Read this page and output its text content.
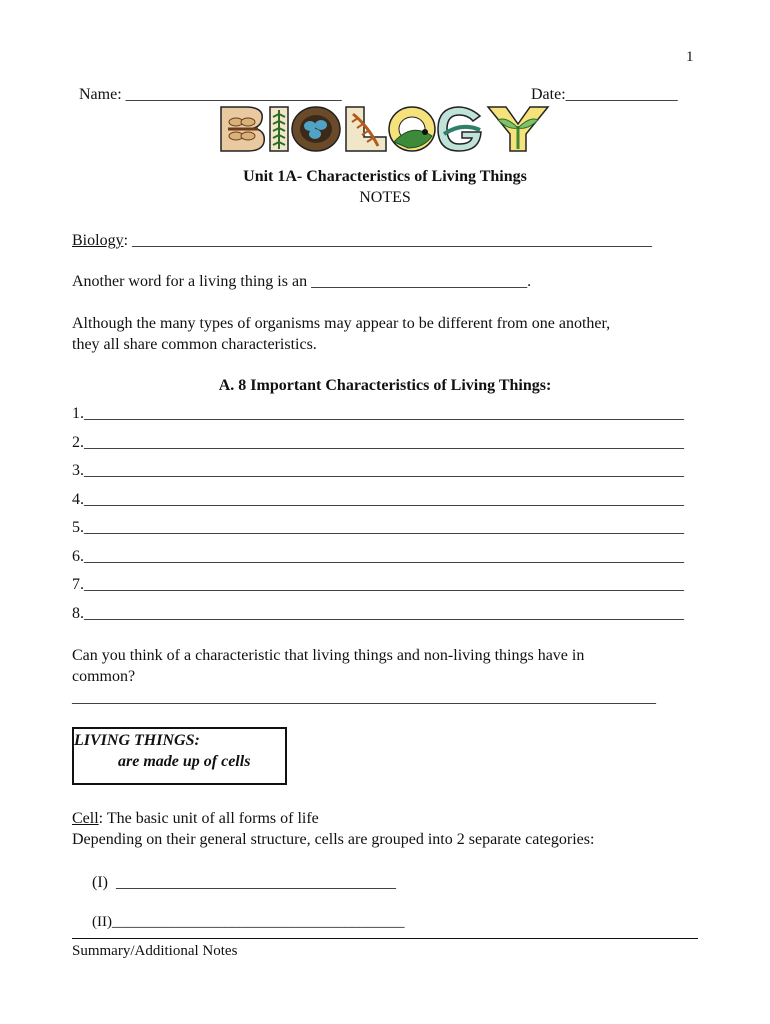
1
Name: ___________________________	Date:______________
Unit 1A- Characteristics of Living Things
NOTES
Biology: _________________________________________________________________
Another word for a living thing is an ___________________________.
Although the many types of organisms may appear to be different from one another,
they all share common characteristics.
A. 8 Important Characteristics of Living Things:
1.___________________________________________________________________________
2.___________________________________________________________________________
3.___________________________________________________________________________
4.___________________________________________________________________________
5.___________________________________________________________________________
6.___________________________________________________________________________
7.___________________________________________________________________________
8.___________________________________________________________________________
Can you think of a characteristic that living things and non-living things have in
common?
_________________________________________________________________________
LIVING THINGS:
are made up of cells
Cell: The basic unit of all forms of life
Depending on their general structure, cells are grouped into 2 separate categories:
(I)  ___________________________________
(II)_______________________________________
Summary/Additional Notes
